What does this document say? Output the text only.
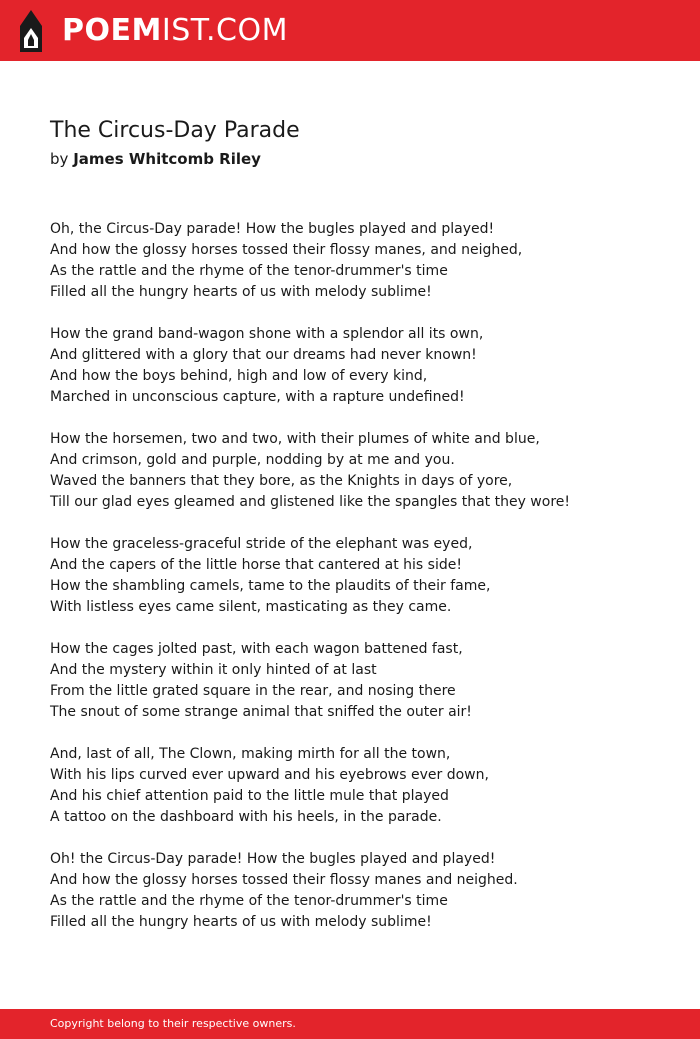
POEMIST.COM
The Circus-Day Parade
by James Whitcomb Riley
Oh, the Circus-Day parade! How the bugles played and played!
And how the glossy horses tossed their flossy manes, and neighed,
As the rattle and the rhyme of the tenor-drummer's time
Filled all the hungry hearts of us with melody sublime!
How the grand band-wagon shone with a splendor all its own,
And glittered with a glory that our dreams had never known!
And how the boys behind, high and low of every kind,
Marched in unconscious capture, with a rapture undefined!
How the horsemen, two and two, with their plumes of white and blue,
And crimson, gold and purple, nodding by at me and you.
Waved the banners that they bore, as the Knights in days of yore,
Till our glad eyes gleamed and glistened like the spangles that they wore!
How the graceless-graceful stride of the elephant was eyed,
And the capers of the little horse that cantered at his side!
How the shambling camels, tame to the plaudits of their fame,
With listless eyes came silent, masticating as they came.
How the cages jolted past, with each wagon battened fast,
And the mystery within it only hinted of at last
From the little grated square in the rear, and nosing there
The snout of some strange animal that sniffed the outer air!
And, last of all, The Clown, making mirth for all the town,
With his lips curved ever upward and his eyebrows ever down,
And his chief attention paid to the little mule that played
A tattoo on the dashboard with his heels, in the parade.
Oh! the Circus-Day parade! How the bugles played and played!
And how the glossy horses tossed their flossy manes and neighed.
As the rattle and the rhyme of the tenor-drummer's time
Filled all the hungry hearts of us with melody sublime!
Copyright belong to their respective owners.
